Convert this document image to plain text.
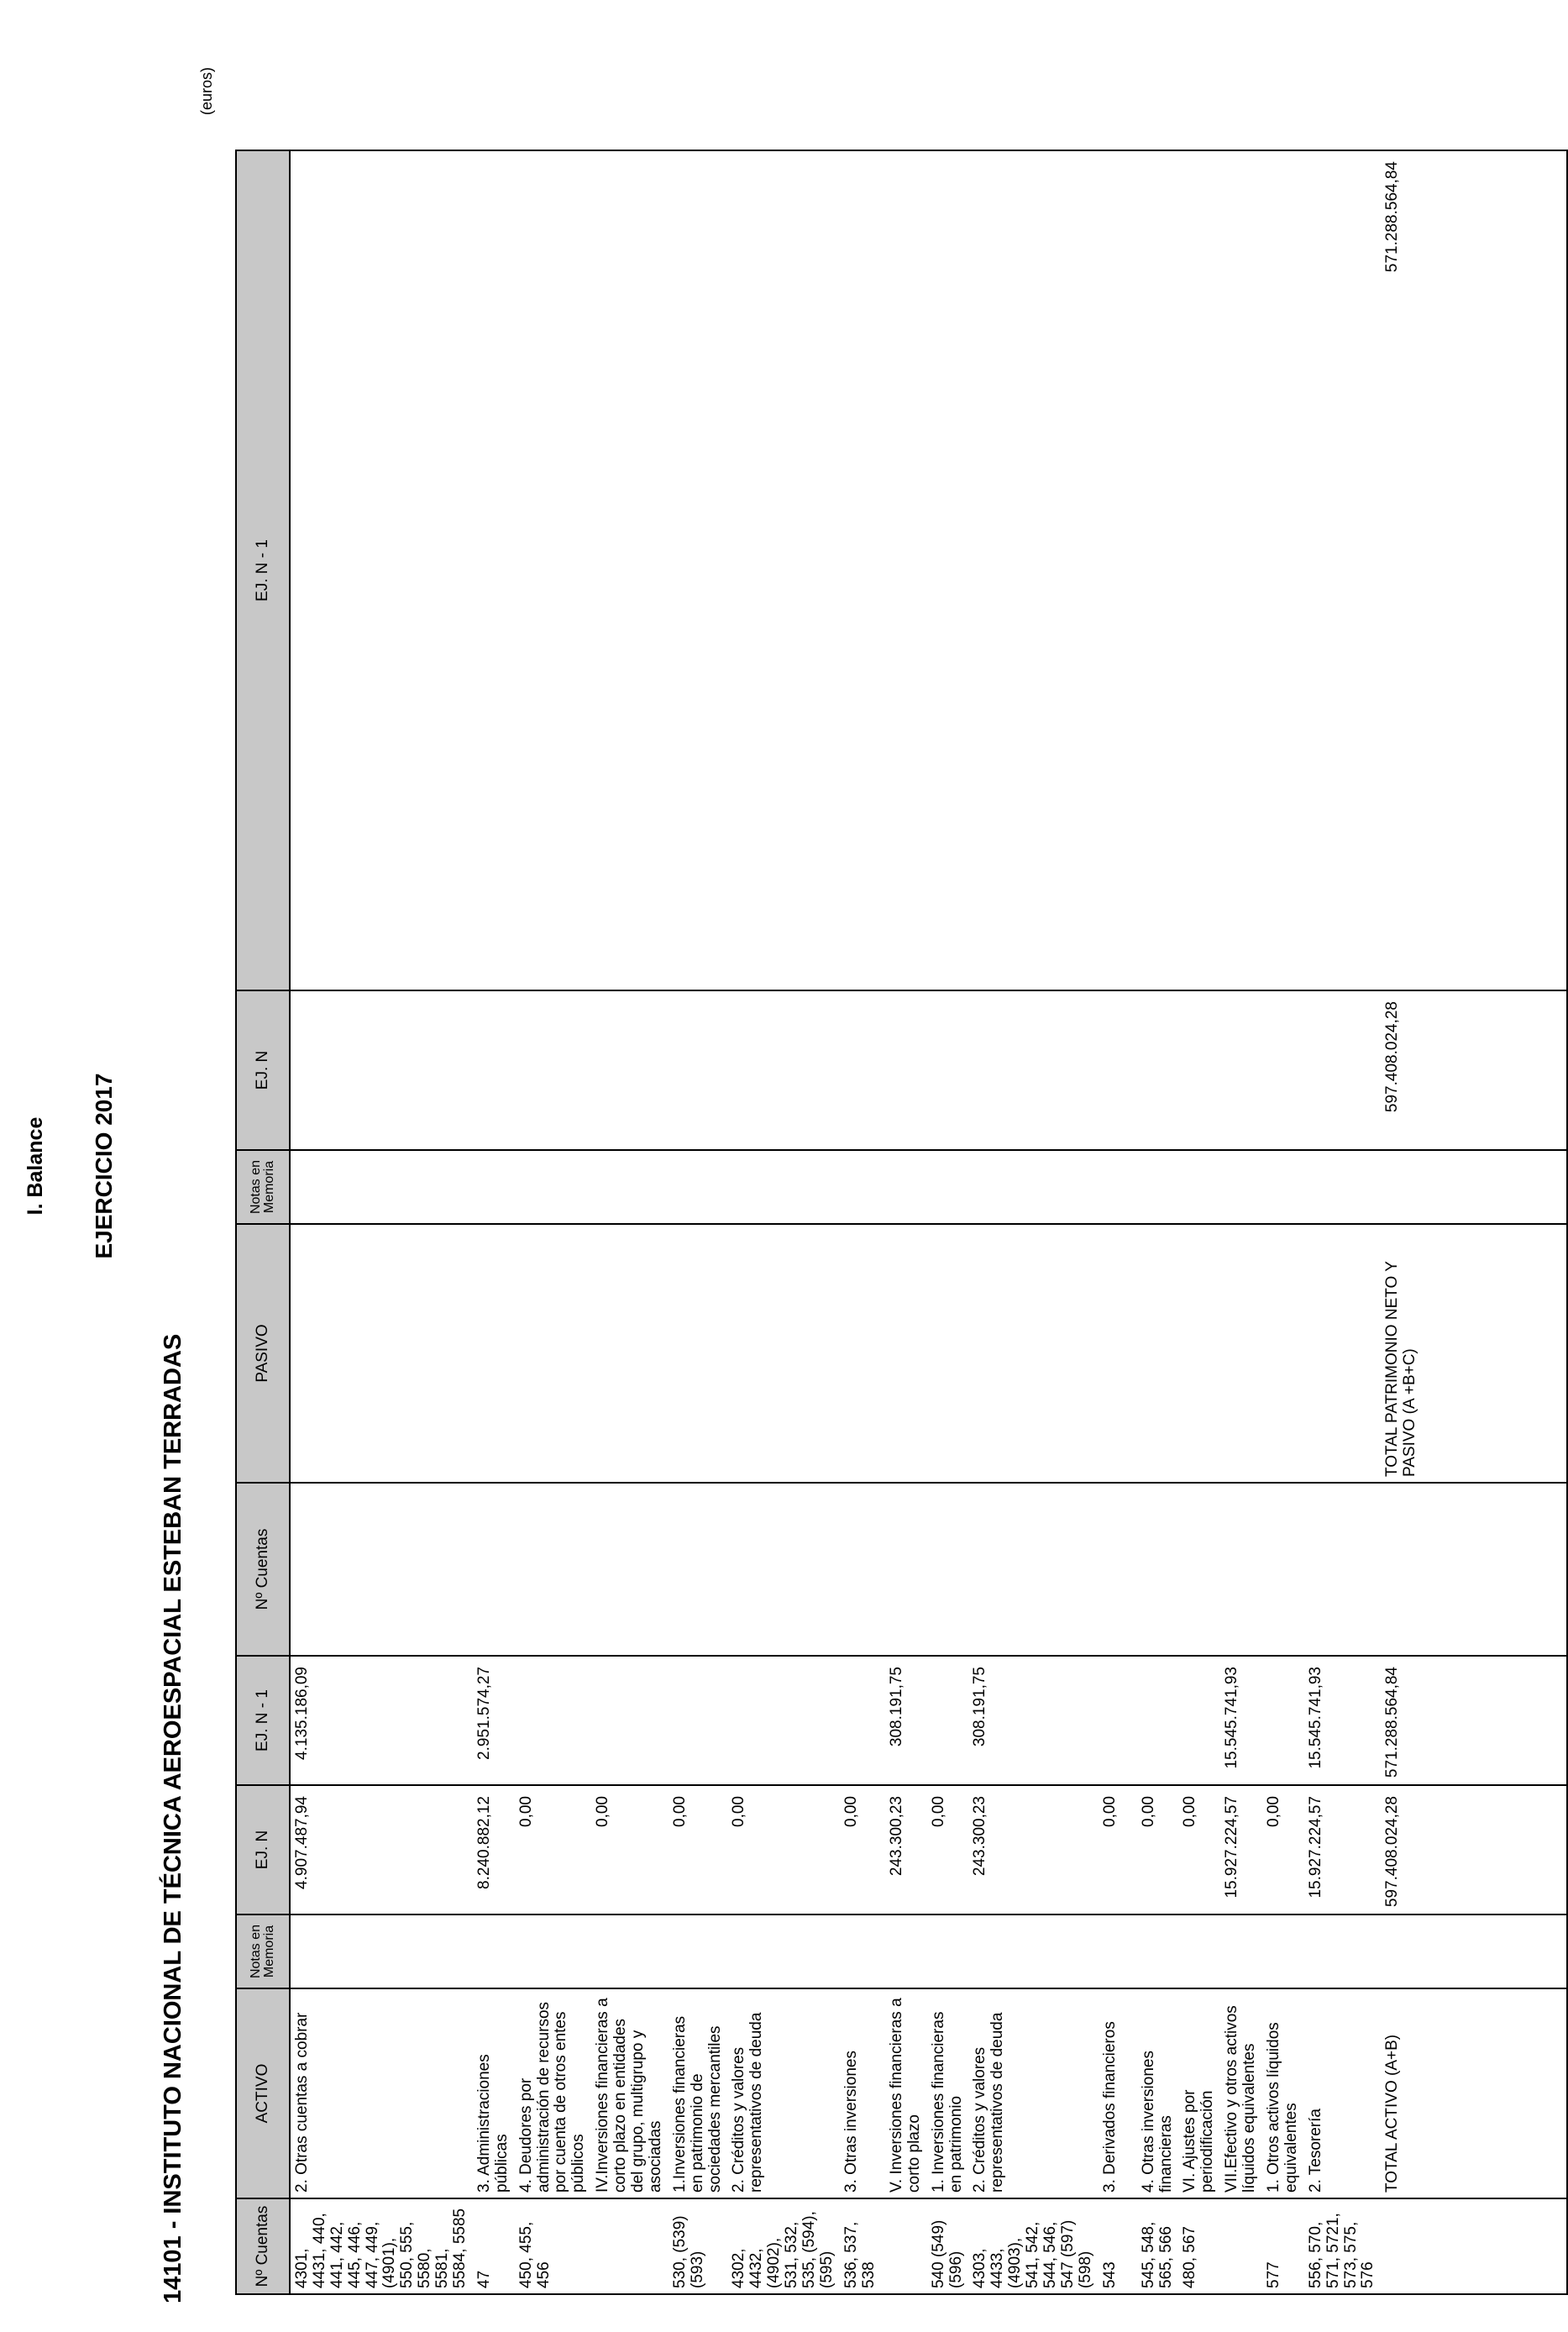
I. Balance EJERCICIO 2017
14101 - INSTITUTO NACIONAL DE TÉCNICA AEROESPACIAL ESTEBAN TERRADAS
(euros)
Nº Cuentas	ACTIVO	Notas en Memoria	EJ. N	EJ. N - 1	Nº Cuentas	PASIVO	Notas en Memoria	EJ. N	EJ. N - 1
4301, 4431, 440, 441, 442, 445, 446, 447, 449, (4901), 550, 555, 5580, 5581, 5584, 5585	2. Otras cuentas a cobrar		4.907.487,94	4.135.186,09					
47	3. Administraciones públicas		8.240.882,12	2.951.574,27					
450, 455, 456	4. Deudores por administración de recursos por cuenta de otros entes públicos		0,00						
	IV.Inversiones financieras a corto plazo en entidades del grupo, multigrupo y asociadas		0,00						
530, (539) (593)	1.Inversiones financieras en patrimonio de sociedades mercantiles		0,00						
4302, 4432, (4902), 531, 532, 535, (594), (595)	2. Créditos y valores representativos de deuda		0,00						
536, 537, 538	3. Otras inversiones		0,00						
	V. Inversiones financieras a corto plazo		243.300,23	308.191,75					
540 (549) (596)	1. Inversiones financieras en patrimonio		0,00						
4303, 4433, (4903), 541, 542, 544, 546, 547 (597) (598)	2. Créditos y valores representativos de deuda		243.300,23	308.191,75					
543	3. Derivados financieros		0,00						
545, 548, 565, 566	4. Otras inversiones financieras		0,00						
480, 567	VI. Ajustes por periodificación		0,00						
	VII.Efectivo y otros activos líquidos equivalentes		15.927.224,57	15.545.741,93					
577	1. Otros activos líquidos equivalentes		0,00						
556, 570, 571, 5721, 573, 575, 576	2. Tesorería		15.927.224,57	15.545.741,93					
	TOTAL ACTIVO (A+B)		597.408.024,28	571.288.564,84		TOTAL PATRIMONIO NETO Y PASIVO (A +B+C)		597.408.024,28	571.288.564,84
